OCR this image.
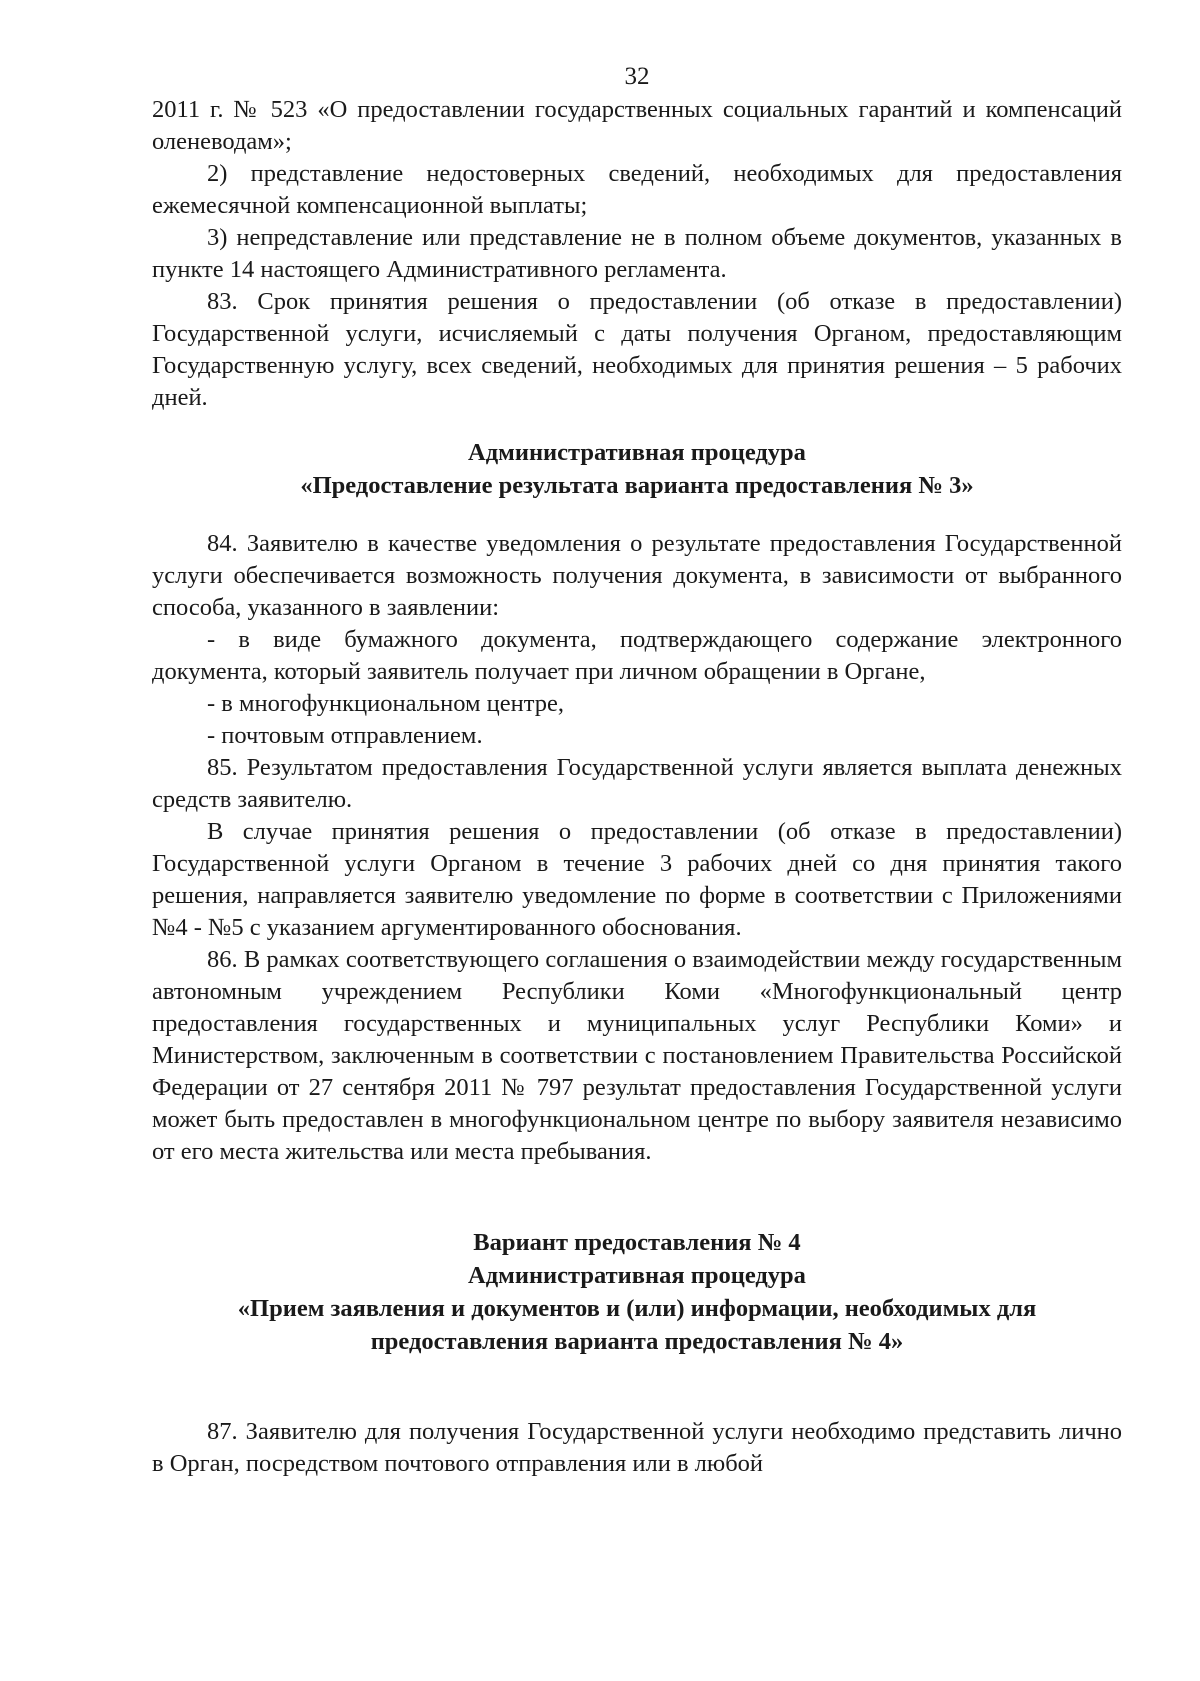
32

2011 г. № 523 «О предоставлении государственных социальных гарантий и компенсаций оленеводам»;

2) представление недостоверных сведений, необходимых для предоставления ежемесячной компенсационной выплаты;

3) непредставление или представление не в полном объеме документов, указанных в пункте 14 настоящего Административного регламента.

83. Срок принятия решения о предоставлении (об отказе в предоставлении) Государственной услуги, исчисляемый с даты получения Органом, предоставляющим Государственную услугу, всех сведений, необходимых для принятия решения – 5 рабочих дней.

Административная процедура
«Предоставление результата варианта предоставления № 3»

84. Заявителю в качестве уведомления о результате предоставления Государственной услуги обеспечивается возможность получения документа, в зависимости от выбранного способа, указанного в заявлении:

- в виде бумажного документа, подтверждающего содержание электронного документа, который заявитель получает при личном обращении в Органе,

- в многофункциональном центре,

- почтовым отправлением.

85. Результатом предоставления Государственной услуги является выплата денежных средств заявителю.

В случае принятия решения о предоставлении (об отказе в предоставлении) Государственной услуги Органом в течение 3 рабочих дней со дня принятия такого решения, направляется заявителю уведомление по форме в соответствии с Приложениями №4 - №5 с указанием аргументированного обоснования.

86. В рамках соответствующего соглашения о взаимодействии между государственным автономным учреждением Республики Коми «Многофункциональный центр предоставления государственных и муниципальных услуг Республики Коми» и Министерством, заключенным в соответствии с постановлением Правительства Российской Федерации от 27 сентября 2011 № 797 результат предоставления Государственной услуги может быть предоставлен в многофункциональном центре по выбору заявителя независимо от его места жительства или места пребывания.

Вариант предоставления № 4
Административная процедура
«Прием заявления и документов и (или) информации, необходимых для предоставления варианта предоставления № 4»

87. Заявителю для получения Государственной услуги необходимо представить лично в Орган, посредством почтового отправления или в любой
